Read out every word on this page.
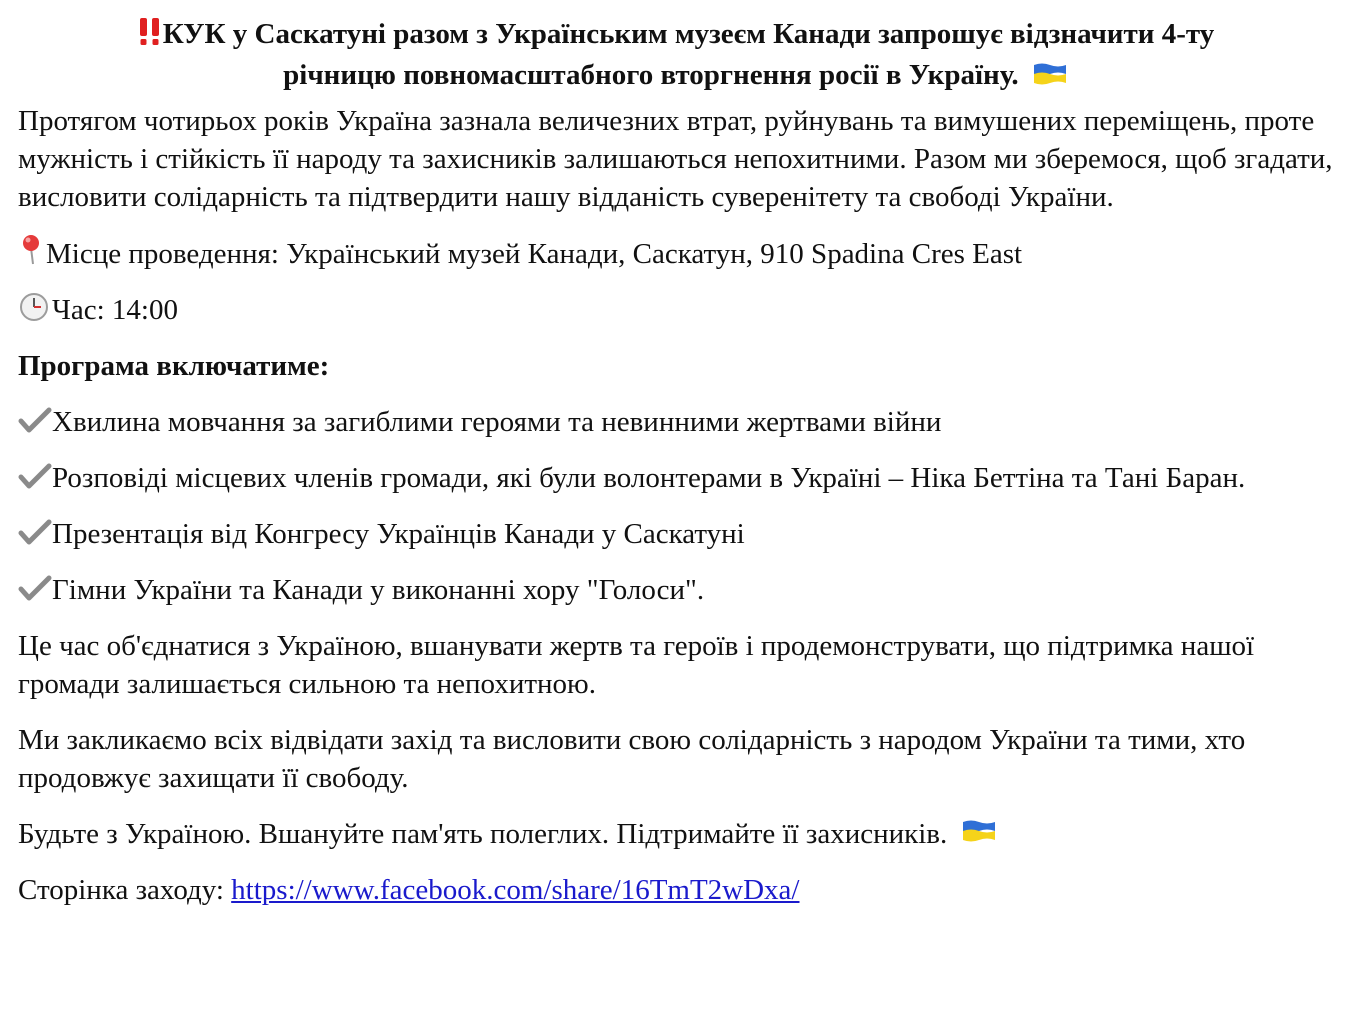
КУК у Саскатуні разом з Українським музеєм Канади запрошує відзначити 4-ту
річницю повномасштабного вторгнення росії в Україну.

Протягом чотирьох років Україна зазнала величезних втрат, руйнувань та вимушених переміщень, проте мужність і стійкість її народу та захисників залишаються непохитними. Разом ми зберемося, щоб згадати, висловити солідарність та підтвердити нашу відданість суверенітету та свободі України.

Місце проведення: Український музей Канади, Саскатун, 910 Spadina Cres East

Час: 14:00

Програма включатиме:

Хвилина мовчання за загиблими героями та невинними жертвами війни

Розповіді місцевих членів громади, які були волонтерами в Україні – Ніка Беттіна та Тані Баран.

Презентація від Конгресу Українців Канади у Саскатуні

Гімни України та Канади у виконанні хору "Голоси".

Це час об'єднатися з Україною, вшанувати жертв та героїв і продемонструвати, що підтримка нашої громади залишається сильною та непохитною.

Ми закликаємо всіх відвідати захід та висловити свою солідарність з народом України та тими, хто продовжує захищати її свободу.

Будьте з Україною. Вшануйте пам'ять полеглих. Підтримайте її захисників.

Сторінка заходу: https://www.facebook.com/share/16TmT2wDxa/
